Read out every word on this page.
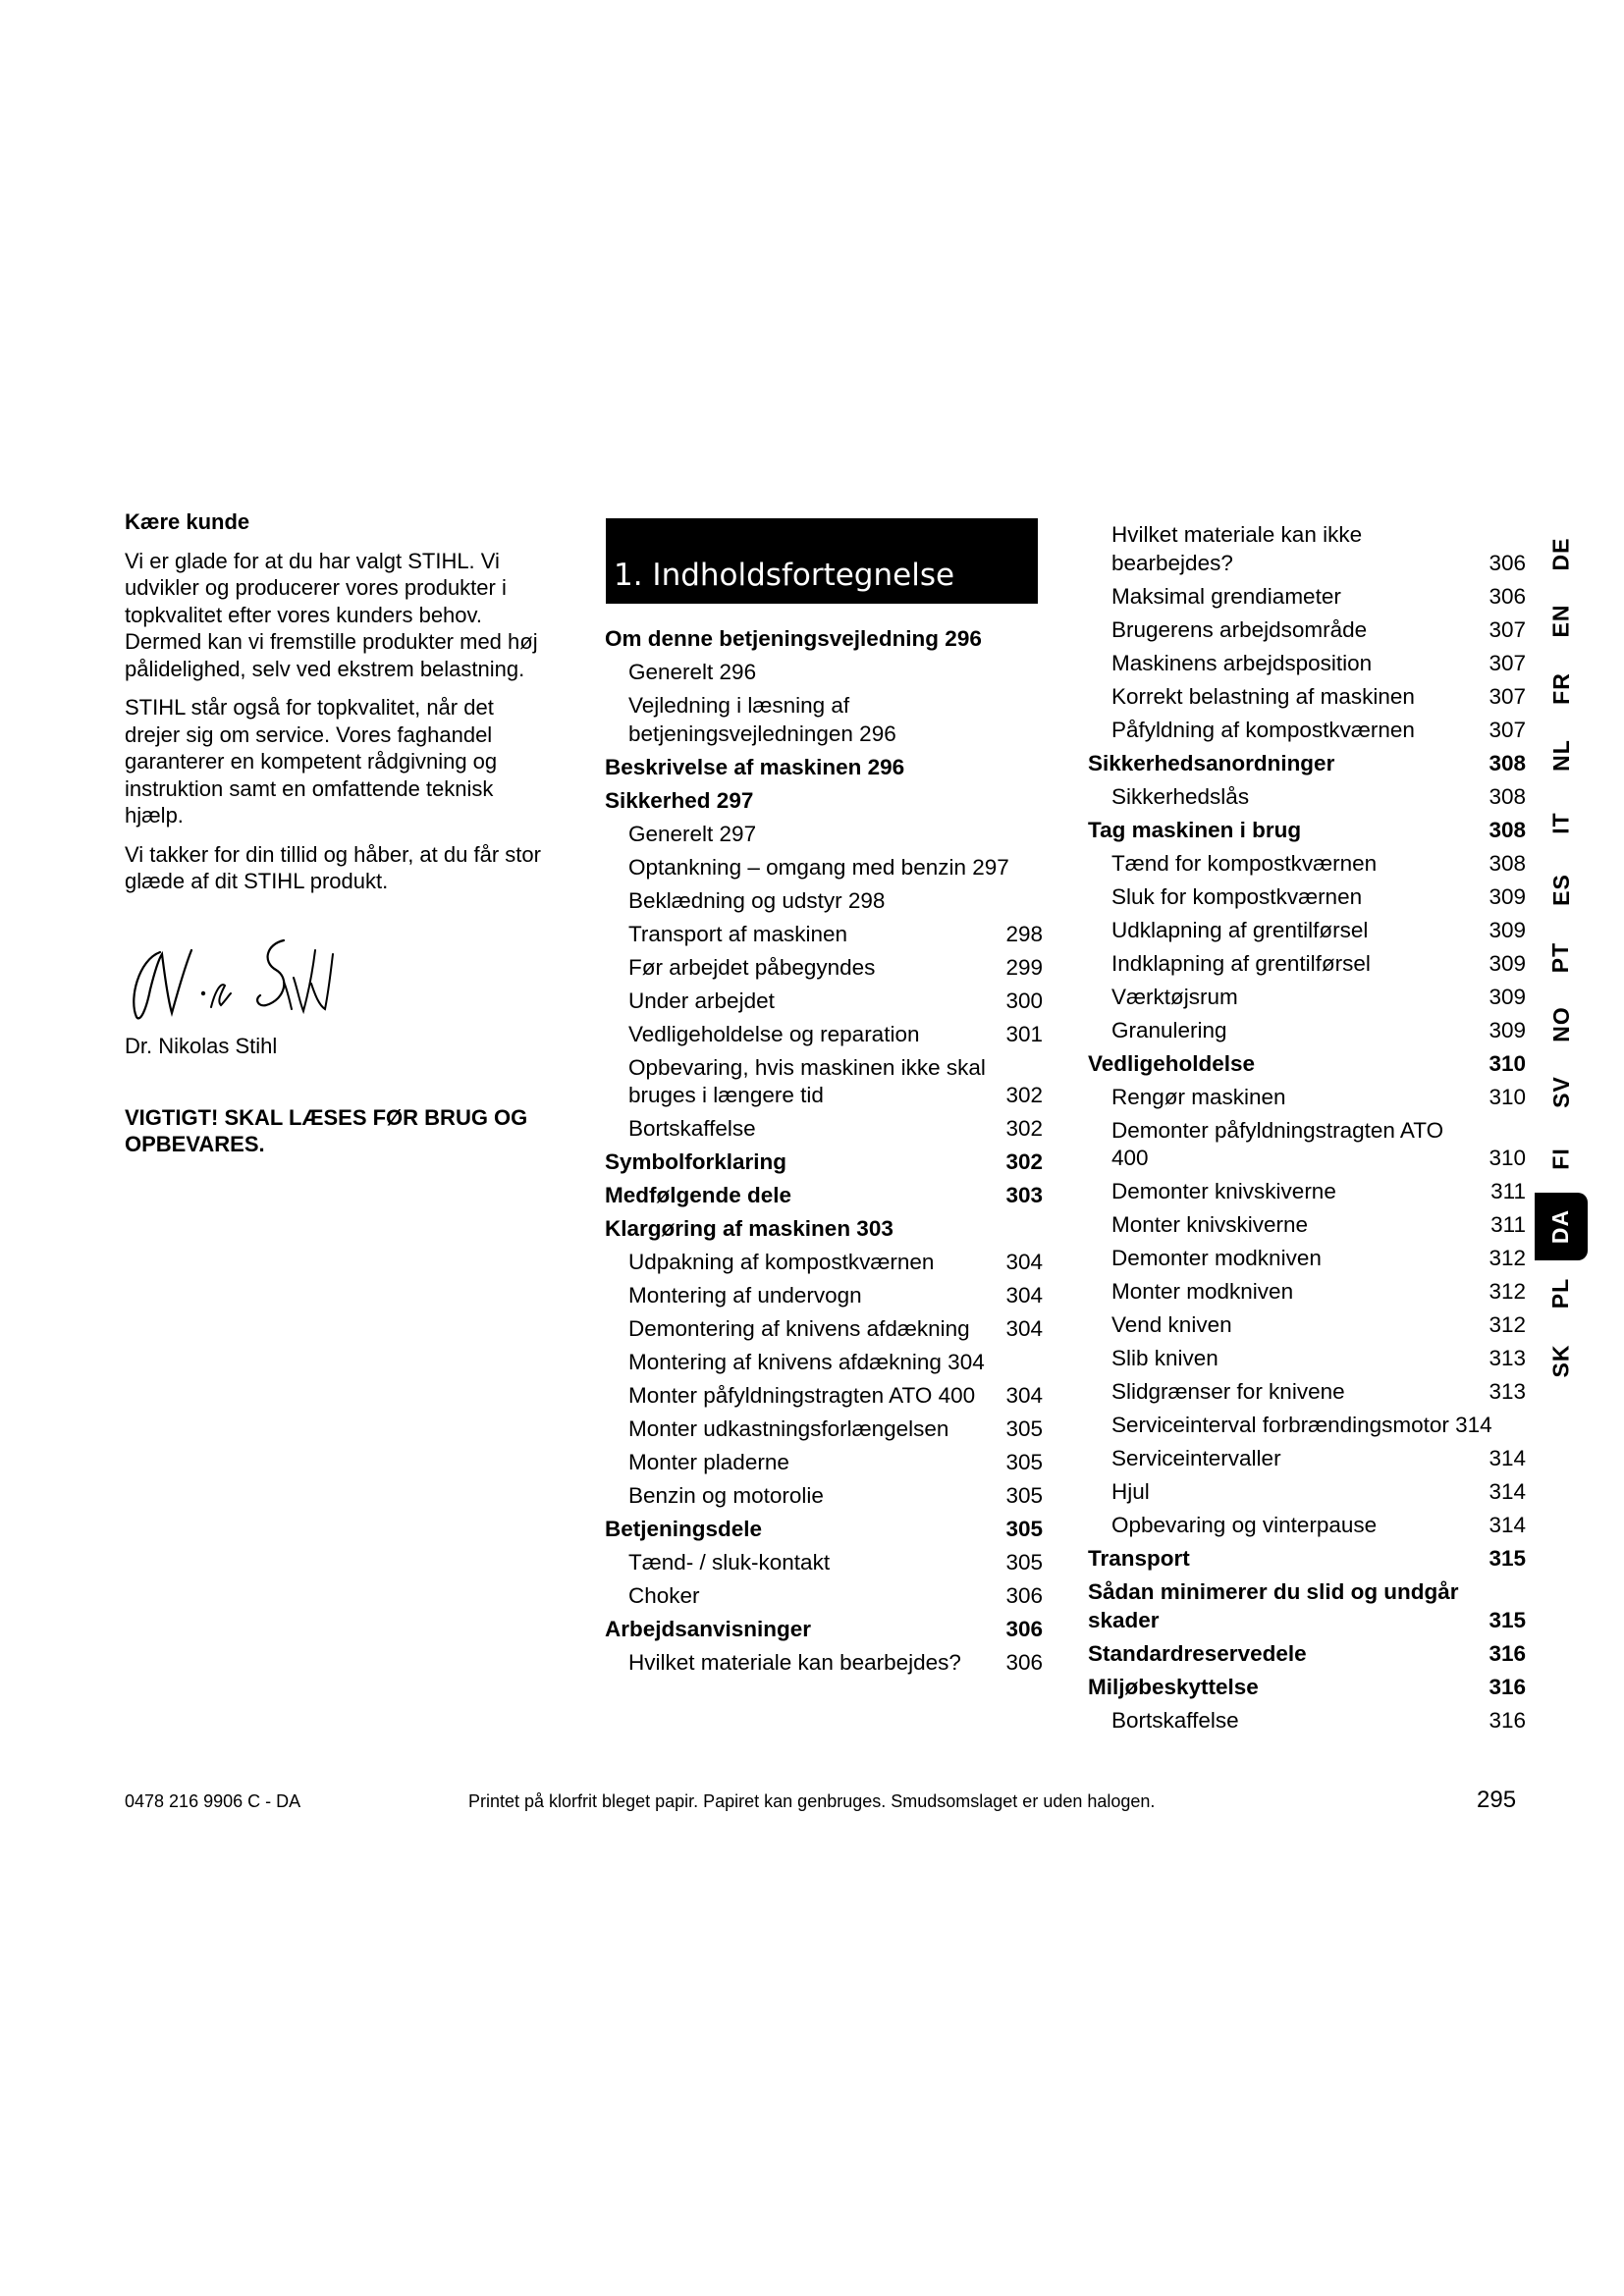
Kære kunde

Vi er glade for at du har valgt STIHL. Vi udvikler og producerer vores produkter i topkvalitet efter vores kunders behov. Dermed kan vi fremstille produkter med høj pålidelighed, selv ved ekstrem belastning.

STIHL står også for topkvalitet, når det drejer sig om service. Vores faghandel garanterer en kompetent rådgivning og instruktion samt en omfattende teknisk hjælp.

Vi takker for din tillid og håber, at du får stor glæde af dit STIHL produkt.

Dr. Nikolas Stihl
VIGTIGT! SKAL LÆSES FØR BRUG OG OPBEVARES.
1. Indholdsfortegnelse
Om denne betjeningsvejledning 296
Generelt 296
Vejledning i læsning af betjeningsvejledningen 296
Beskrivelse af maskinen 296
Sikkerhed 297
Generelt 297
Optankning – omgang med benzin 297
Beklædning og udstyr 298
Transport af maskinen	298
Før arbejdet påbegyndes	299
Under arbejdet	300
Vedligeholdelse og reparation	301
Opbevaring, hvis maskinen ikke skal bruges i længere tid	302
Bortskaffelse	302
Symbolforklaring	302
Medfølgende dele	303
Klargøring af maskinen 303
Udpakning af kompostkværnen	304
Montering af undervogn	304
Demontering af knivens afdækning	304
Montering af knivens afdækning 304
Monter påfyldningstragten ATO 400	304
Monter udkastningsforlængelsen	305
Monter pladerne	305
Benzin og motorolie	305
Betjeningsdele	305
Tænd- / sluk-kontakt	305
Choker	306
Arbejdsanvisninger	306
Hvilket materiale kan bearbejdes?	306
Hvilket materiale kan ikke bearbejdes?	306
Maksimal grendiameter	306
Brugerens arbejdsområde	307
Maskinens arbejdsposition	307
Korrekt belastning af maskinen	307
Påfyldning af kompostkværnen	307
Sikkerhedsanordninger	308
Sikkerhedslås	308
Tag maskinen i brug	308
Tænd for kompostkværnen	308
Sluk for kompostkværnen	309
Udklapning af grentilførsel	309
Indklapning af grentilførsel	309
Værktøjsrum	309
Granulering	309
Vedligeholdelse	310
Rengør maskinen	310
Demonter påfyldningstragten ATO 400	310
Demonter knivskiverne	311
Monter knivskiverne	311
Demonter modkniven	312
Monter modkniven	312
Vend kniven	312
Slib kniven	313
Slidgrænser for knivene	313
Serviceinterval forbrændingsmotor 314
Serviceintervaller	314
Hjul	314
Opbevaring og vinterpause	314
Transport	315
Sådan minimerer du slid og undgår skader	315
Standardreservedele	316
Miljøbeskyttelse	316
Bortskaffelse	316
DE
EN
FR
NL
IT
ES
PT
NO
SV
FI
DA
PL
SK
0478 216 9906 C - DA	Printet på klorfrit bleget papir. Papiret kan genbruges. Smudsomslaget er uden halogen.	295
